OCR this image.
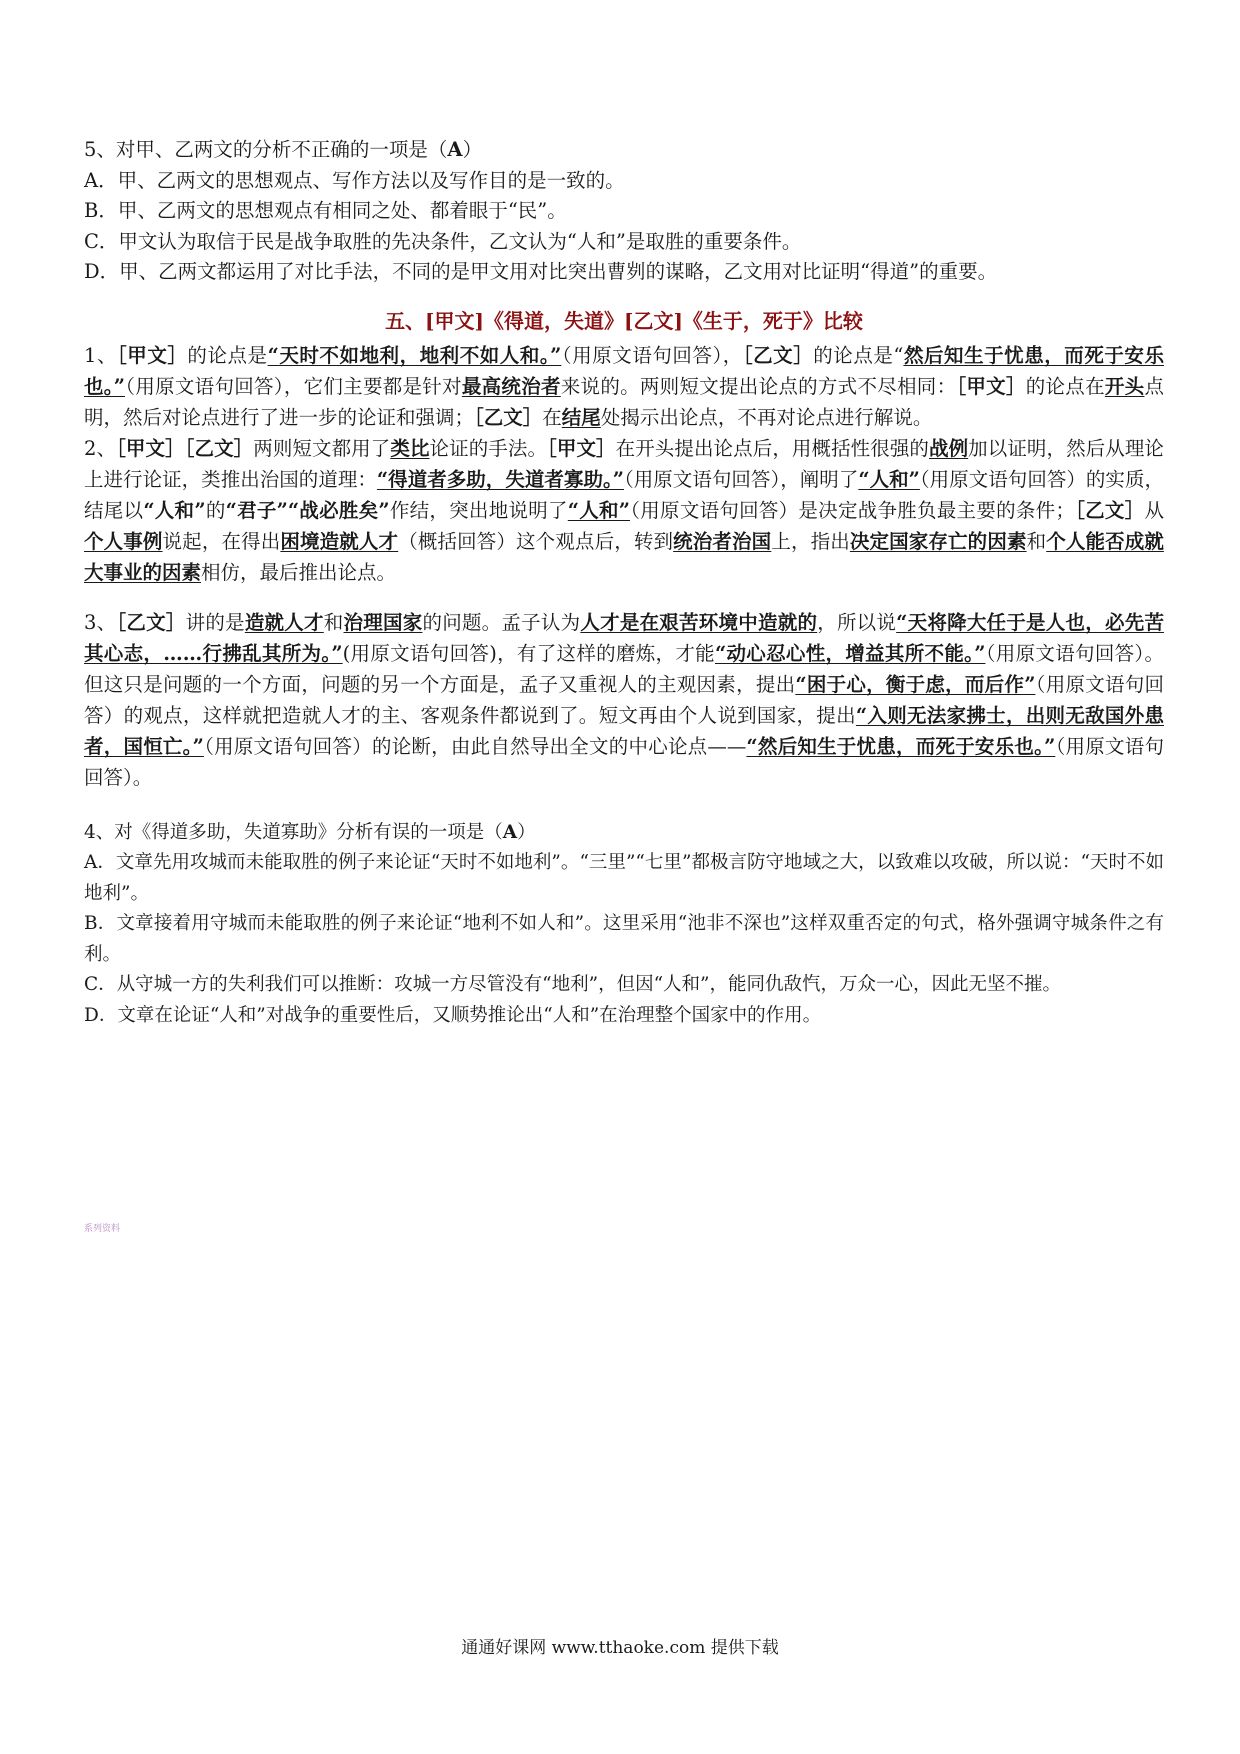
5、对甲、乙两文的分析不正确的一项是（A）

A．甲、乙两文的思想观点、写作方法以及写作目的是一致的。

B．甲、乙两文的思想观点有相同之处、都着眼于“民”。

C．甲文认为取信于民是战争取胜的先决条件，乙文认为“人和”是取胜的重要条件。

D．甲、乙两文都运用了对比手法，不同的是甲文用对比突出曹刿的谋略，乙文用对比证明“得道”的重要。

五、[甲文]《得道，失道》[乙文]《生于，死于》比较

1、［甲文］的论点是“天时不如地利，地利不如人和。”（用原文语句回答），［乙文］的论点是“然后知生于忧患，而死于安乐也。”（用原文语句回答），它们主要都是针对最高统治者来说的。两则短文提出论点的方式不尽相同：［甲文］的论点在开头点明，然后对论点进行了进一步的论证和强调；［乙文］在结尾处揭示出论点，不再对论点进行解说。

2、［甲文］［乙文］两则短文都用了类比论证的手法。［甲文］在开头提出论点后，用概括性很强的战例加以证明，然后从理论上进行论证，类推出治国的道理：“得道者多助，失道者寡助。”（用原文语句回答），阐明了“人和”（用原文语句回答）的实质，结尾以“人和”的“君子”“战必胜矣”作结，突出地说明了“人和”（用原文语句回答）是决定战争胜负最主要的条件；［乙文］从个人事例说起，在得出困境造就人才（概括回答）这个观点后，转到统治者治国上，指出决定国家存亡的因素和个人能否成就大事业的因素相仿，最后推出论点。

3、［乙文］讲的是造就人才和治理国家的问题。孟子认为人才是在艰苦环境中造就的，所以说“天将降大任于是人也，必先苦其心志，……行拂乱其所为。”(用原文语句回答)，有了这样的磨炼，才能“动心忍心性，增益其所不能。”（用原文语句回答）。但这只是问题的一个方面，问题的另一个方面是，孟子又重视人的主观因素，提出“困于心，衡于虑，而后作”（用原文语句回答）的观点，这样就把造就人才的主、客观条件都说到了。短文再由个人说到国家，提出“入则无法家拂士，出则无敌国外患者，国恒亡。”（用原文语句回答）的论断，由此自然导出全文的中心论点——“然后知生于忧患，而死于安乐也。”（用原文语句回答）。

4、对《得道多助，失道寡助》分析有误的一项是（A）

A．文章先用攻城而未能取胜的例子来论证“天时不如地利”。“三里”“七里”都极言防守地域之大，以致难以攻破，所以说：“天时不如地利”。

B．文章接着用守城而未能取胜的例子来论证“地利不如人和”。这里采用“池非不深也”这样双重否定的句式，格外强调守城条件之有利。

C．从守城一方的失利我们可以推断：攻城一方尽管没有“地利”，但因“人和”，能同仇敌忾，万众一心，因此无坚不摧。

D．文章在论证“人和”对战争的重要性后，又顺势推论出“人和”在治理整个国家中的作用。

系列资料
通通好课网 www.tthaoke.com 提供下载
